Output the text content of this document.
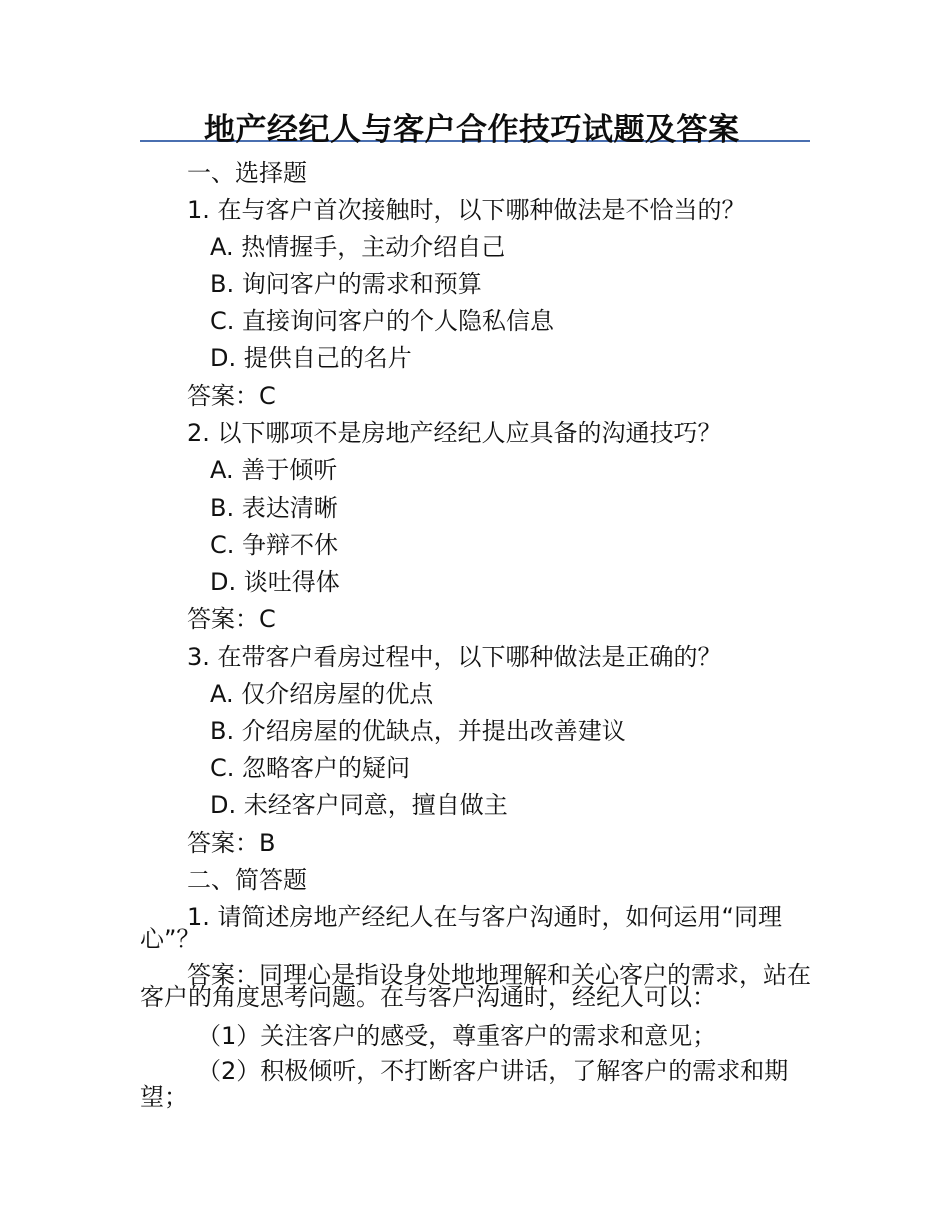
地产经纪人与客户合作技巧试题及答案
一、选择题
1. 在与客户首次接触时，以下哪种做法是不恰当的？
A. 热情握手，主动介绍自己
B. 询问客户的需求和预算
C. 直接询问客户的个人隐私信息
D. 提供自己的名片
答案：C
2. 以下哪项不是房地产经纪人应具备的沟通技巧？
A. 善于倾听
B. 表达清晰
C. 争辩不休
D. 谈吐得体
答案：C
3. 在带客户看房过程中，以下哪种做法是正确的？
A. 仅介绍房屋的优点
B. 介绍房屋的优缺点，并提出改善建议
C. 忽略客户的疑问
D. 未经客户同意，擅自做主
答案：B
二、简答题
1. 请简述房地产经纪人在与客户沟通时，如何运用“同理心”？
答案：同理心是指设身处地地理解和关心客户的需求，站在客户的角度思考问题。在与客户沟通时，经纪人可以：
（1）关注客户的感受，尊重客户的需求和意见；
（2）积极倾听，不打断客户讲话，了解客户的需求和期望；
